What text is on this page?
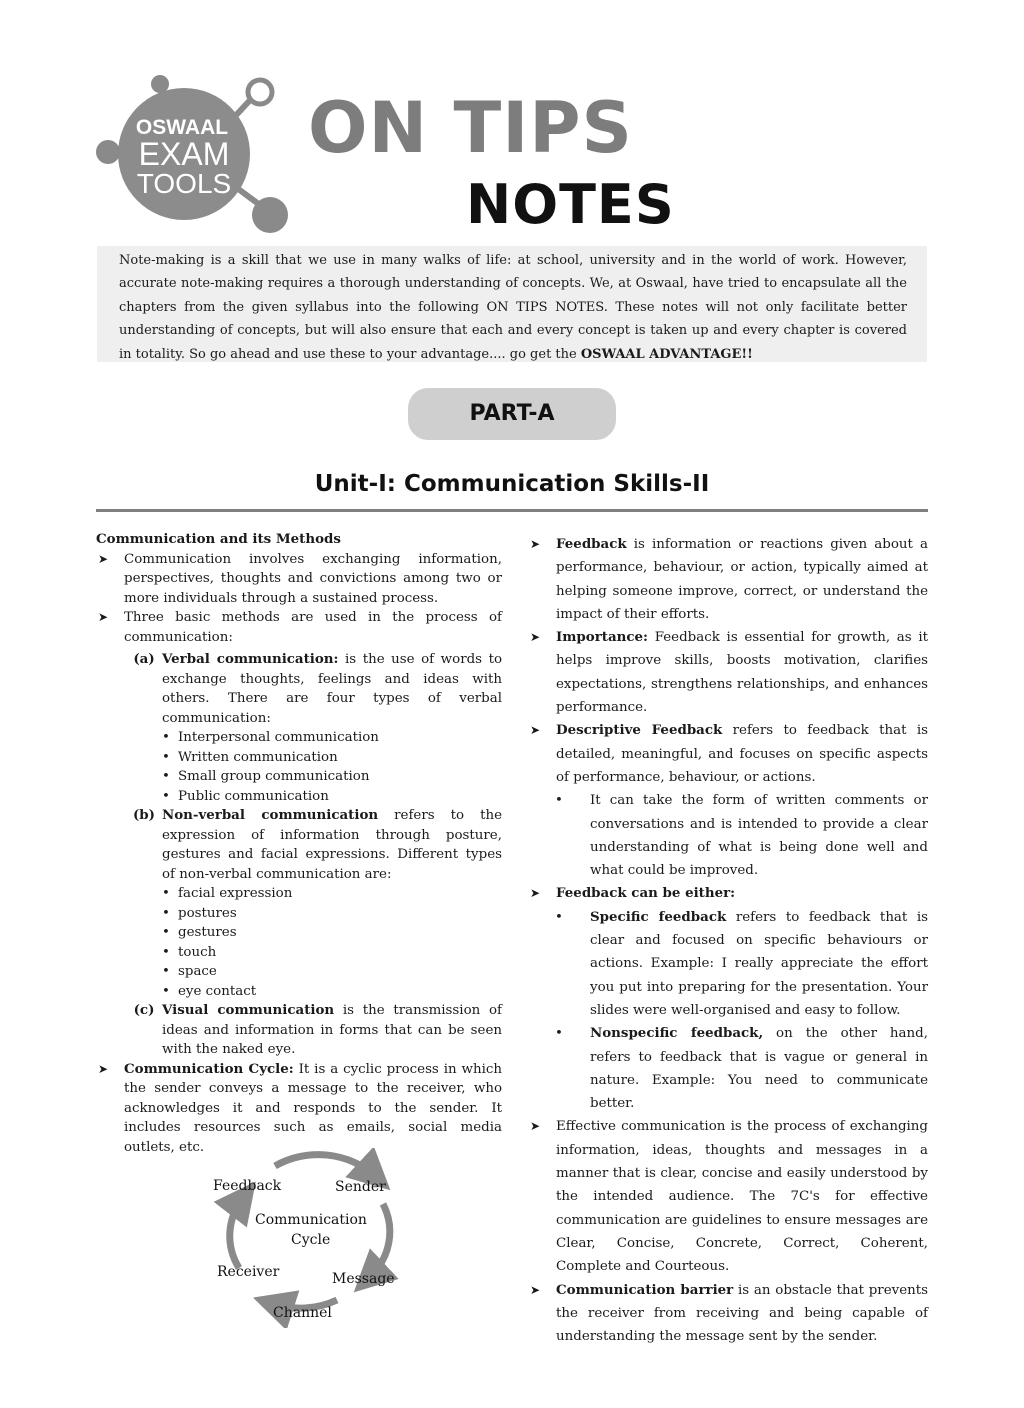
OSWAAL
EXAM
TOOLS
ON TIPS
NOTES

Note-making is a skill that we use in many walks of life: at school, university and in the world of work. However, accurate note-making requires a thorough understanding of concepts. We, at Oswaal, have tried to encapsulate all the chapters from the given syllabus into the following ON TIPS NOTES. These notes will not only facilitate better understanding of concepts, but will also ensure that each and every concept is taken up and every chapter is covered in totality. So go ahead and use these to your advantage.... go get the OSWAAL ADVANTAGE!!

PART-A
Unit-I: Communication Skills-II
Communication and its Methods
➤	Communication involves exchanging information, perspectives, thoughts and convictions among two or more individuals through a sustained process.
➤	Three basic methods are used in the process of communication:
(a) Verbal communication: is the use of words to exchange thoughts, feelings and ideas with others. There are four types of verbal communication:
• Interpersonal communication
• Written communication
• Small group communication
• Public communication
(b) Non-verbal communication refers to the expression of information through posture, gestures and facial expressions. Different types of non-verbal communication are:
• facial expression
• postures
• gestures
• touch
• space
• eye contact
(c) Visual communication is the transmission of ideas and information in forms that can be seen with the naked eye.
➤	Communication Cycle: It is a cyclic process in which the sender conveys a message to the receiver, who acknowledges it and responds to the sender. It includes resources such as emails, social media outlets, etc.
Communication
Cycle
Feedback	Sender
Receiver	Message
Channel
➤	Feedback is information or reactions given about a performance, behaviour, or action, typically aimed at helping someone improve, correct, or understand the impact of their efforts.
➤	Importance: Feedback is essential for growth, as it helps improve skills, boosts motivation, clarifies expectations, strengthens relationships, and enhances performance.
➤	Descriptive Feedback refers to feedback that is detailed, meaningful, and focuses on specific aspects of performance, behaviour, or actions.
•	It can take the form of written comments or conversations and is intended to provide a clear understanding of what is being done well and what could be improved.
➤	Feedback can be either:
•	Specific feedback refers to feedback that is clear and focused on specific behaviours or actions. Example: I really appreciate the effort you put into preparing for the presentation. Your slides were well-organised and easy to follow.
•	Nonspecific feedback, on the other hand, refers to feedback that is vague or general in nature. Example: You need to communicate better.
➤	Effective communication is the process of exchanging information, ideas, thoughts and messages in a manner that is clear, concise and easily understood by the intended audience. The 7C's for effective communication are guidelines to ensure messages are Clear, Concise, Concrete, Correct, Coherent, Complete and Courteous.
➤	Communication barrier is an obstacle that prevents the receiver from receiving and being capable of understanding the message sent by the sender.
